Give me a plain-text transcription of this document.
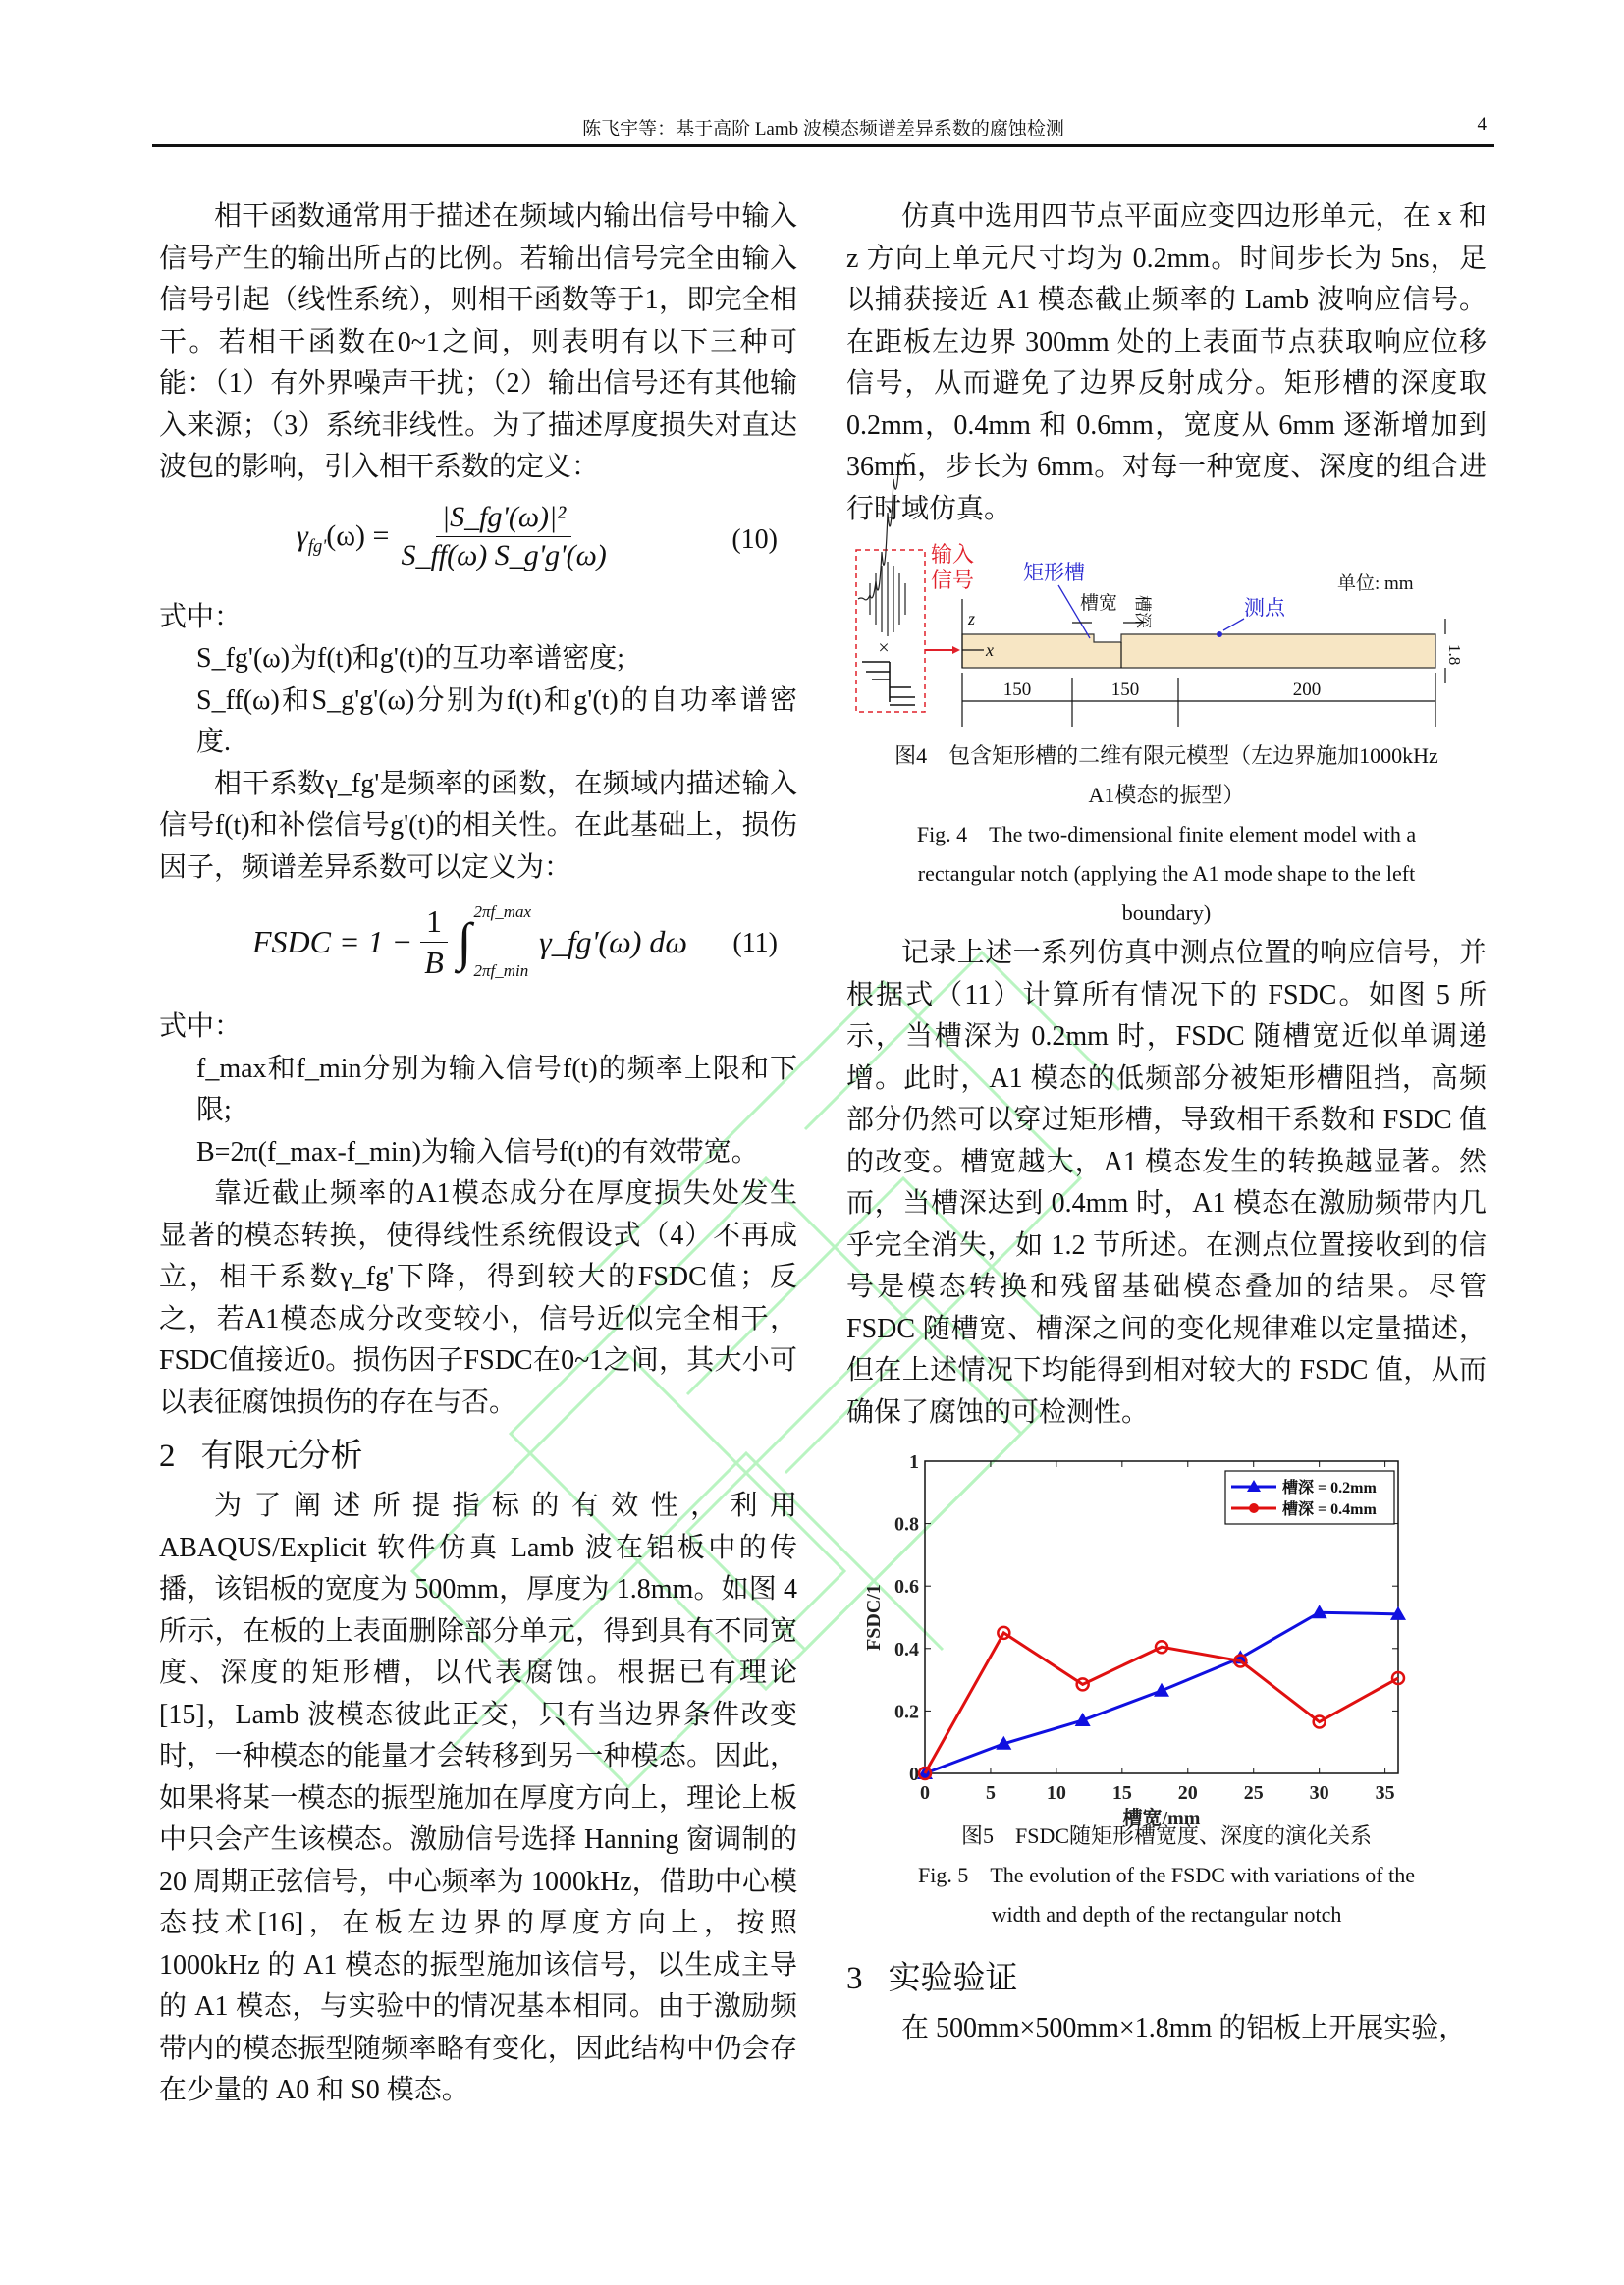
陈飞宇等：基于高阶 Lamb 波模态频谱差异系数的腐蚀检测	4

相干函数通常用于描述在频域内输出信号中输入信号产生的输出所占的比例。若输出信号完全由输入信号引起（线性系统），则相干函数等于1，即完全相干。若相干函数在0~1之间，则表明有以下三种可能：（1）有外界噪声干扰；（2）输出信号还有其他输入来源；（3）系统非线性。为了描述厚度损失对直达波包的影响，引入相干系数的定义：

$\gamma_{fg'}(\omega) = \frac{\text{|S\_fg'(ω)|²}}{S\_ff(\omega) S\_g'g'(\omega)}$	(10)

式中：

S_fg'(ω)为f(t)和g'(t)的互功率谱密度;

S_ff(ω)和S_g'g'(ω)分别为f(t)和g'(t)的自功率谱密度.

相干系数γ_fg'是频率的函数，在频域内描述输入信号f(t)和补偿信号g'(t)的相关性。在此基础上，损伤因子，频谱差异系数可以定义为：

FSDC = $1 - \frac{1}{B}$ ∫
2πf_max
2πf_min
γ_fg'(ω) dω (11)

式中：

f_max和f_min分别为输入信号f(t)的频率上限和下限;

B=2π(f_max-f_min)为输入信号f(t)的有效带宽。

靠近截止频率的A1模态成分在厚度损失处发生显著的模态转换，使得线性系统假设式（4）不再成立，相干系数γ_fg'下降，得到较大的FSDC值；反之，若A1模态成分改变较小，信号近似完全相干，FSDC值接近0。损伤因子FSDC在0~1之间，其大小可以表征腐蚀损伤的存在与否。

2 有限元分析

为了阐述所提指标的有效性，利用ABAQUS/Explicit 软件仿真 Lamb 波在铝板中的传播，该铝板的宽度为 500mm，厚度为 1.8mm。如图 4 所示，在板的上表面删除部分单元，得到具有不同宽度、深度的矩形槽，以代表腐蚀。根据已有理论[15]，Lamb 波模态彼此正交，只有当边界条件改变时，一种模态的能量才会转移到另一种模态。因此，如果将某一模态的振型施加在厚度方向上，理论上板中只会产生该模态。激励信号选择 Hanning 窗调制的 20 周期正弦信号，中心频率为 1000kHz，借助中心模态技术[16]，在板左边界的厚度方向上，按照 1000kHz 的 A1 模态的振型施加该信号，以生成主导的 A1 模态，与实验中的情况基本相同。由于激励频带内的模态振型随频率略有变化，因此结构中仍会存在少量的 A0 和 S0 模态。

仿真中选用四节点平面应变四边形单元，在 x 和 z 方向上单元尺寸均为 0.2mm。时间步长为 5ns，足以捕获接近 A1 模态截止频率的 Lamb 波响应信号。在距板左边界 300mm 处的上表面节点获取响应位移信号，从而避免了边界反射成分。矩形槽的深度取 0.2mm，0.4mm 和 0.6mm，宽度从 6mm 逐渐增加到 36mm，步长为 6mm。对每一种宽度、深度的组合进行时域仿真。

×
输入
信号
z
x
矩形槽
槽宽 槽深	测点
单位: mm
1.8
150	150	200

图4　包含矩形槽的二维有限元模型（左边界施加1000kHz

A1模态的振型）

Fig. 4　The two-dimensional finite element model with a

rectangular notch (applying the A1 mode shape to the left

boundary)

记录上述一系列仿真中测点位置的响应信号，并根据式（11）计算所有情况下的 FSDC。如图 5 所示，当槽深为 0.2mm 时，FSDC 随槽宽近似单调递增。此时，A1 模态的低频部分被矩形槽阻挡，高频部分仍然可以穿过矩形槽，导致相干系数和 FSDC 值的改变。槽宽越大，A1 模态发生的转换越显著。然而，当槽深达到 0.4mm 时，A1 模态在激励频带内几乎完全消失，如 1.2 节所述。在测点位置接收到的信号是模态转换和残留基础模态叠加的结果。尽管 FSDC 随槽宽、槽深之间的变化规律难以定量描述，但在上述情况下均能得到相对较大的 FSDC 值，从而确保了腐蚀的可检测性。

0	5	10 15 20 25 30 35
0
0.2
0.4
0.6
0.8
1
槽宽/mm
FSDC/1
槽深 = 0.2mm
槽深 = 0.4mm

图5　FSDC随矩形槽宽度、深度的演化关系

Fig. 5　The evolution of the FSDC with variations of the

width and depth of the rectangular notch

3 实验验证

在 500mm×500mm×1.8mm 的铝板上开展实验，
